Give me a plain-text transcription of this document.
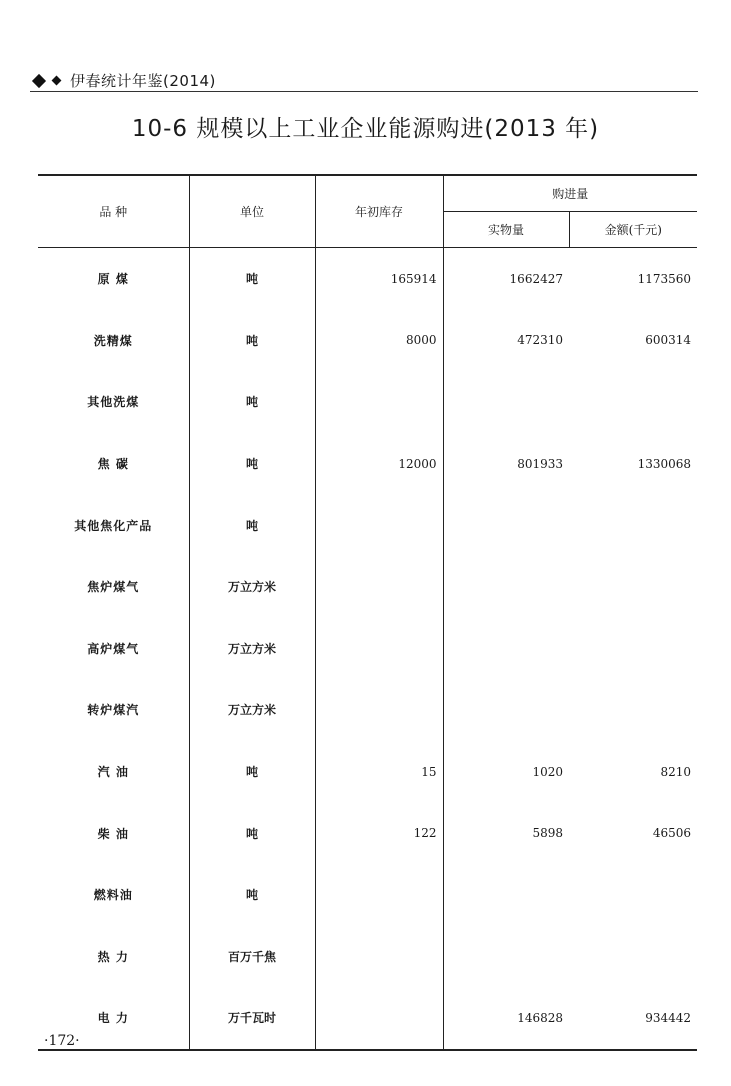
伊春统计年鉴(2014)
10-6 规模以上工业企业能源购进(2013 年)
品 种	单位	年初库存	购进量	
			实物量	金额(千元)
原 煤	吨	165914	1662427	1173560
洗精煤	吨	8000	472310	600314
其他洗煤	吨			
焦 碳	吨	12000	801933	1330068
其他焦化产品	吨			
焦炉煤气	万立方米			
高炉煤气	万立方米			
转炉煤汽	万立方米			
汽 油	吨	15	1020	8210
柴 油	吨	122	5898	46506
燃料油	吨			
热 力	百万千焦			
电 力	万千瓦时		146828	934442
·172·
